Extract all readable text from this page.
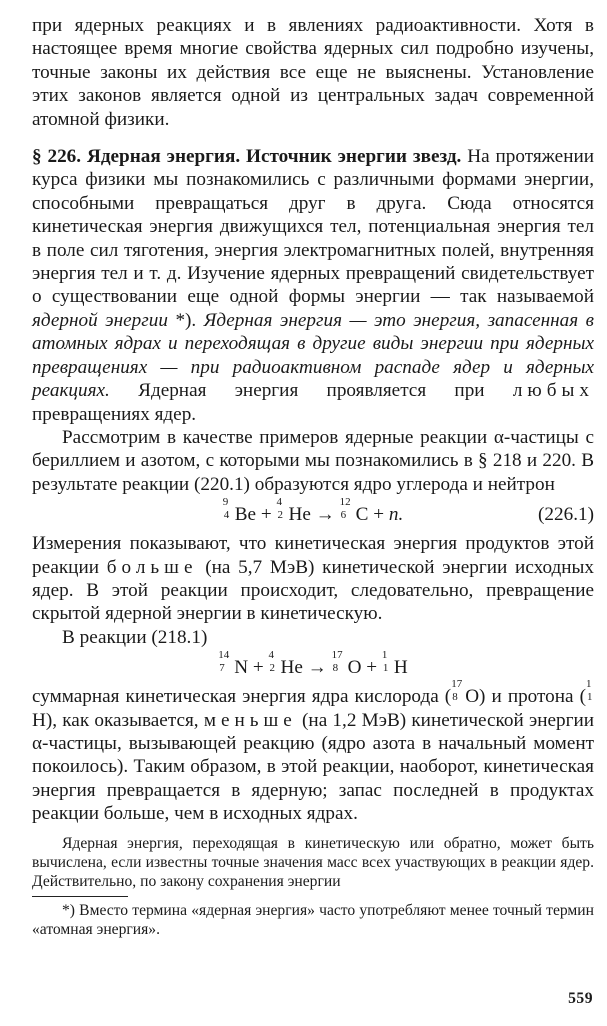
при ядерных реакциях и в явлениях радиоактивности. Хотя в настоящее время многие свойства ядерных сил подробно изучены, точные законы их действия все еще не выяснены. Установление этих законов является одной из центральных задач современной атомной физики.

§ 226. Ядерная энергия. Источник энергии звезд. На протяжении курса физики мы познакомились с различными формами энергии, способными превращаться друг в друга. Сюда относятся кинетическая энергия движущихся тел, потенциальная энергия тел в поле сил тяготения, энергия электромагнитных полей, внутренняя энергия тел и т. д. Изучение ядерных превращений свидетельствует о существовании еще одной формы энергии — так называемой ядерной энергии *). Ядерная энергия — это энергия, запасенная в атомных ядрах и переходящая в другие виды энергии при ядерных превращениях — при радиоактивном распаде ядер и ядерных реакциях. Ядерная энергия проявляется при любых превращениях ядер.

Рассмотрим в качестве примеров ядерные реакции α-частицы с бериллием и азотом, с которыми мы познакомились в § 218 и 220. В результате реакции (220.1) образуются ядро углерода и нейтрон

9
4 Be +
4
2 He →
12
6 C + n.	(226.1)

Измерения показывают, что кинетическая энергия продуктов этой реакции больше (на 5,7 МэВ) кинетической энергии исходных ядер. В этой реакции происходит, следовательно, превращение скрытой ядерной энергии в кинетическую.

В реакции (218.1)

14
7 N +
4
2 He →
17
8 O +
1
1 H

суммарная кинетическая энергия ядра кислорода (
17
8 O) и протона (
1
1
H), как оказывается, меньше (на 1,2 МэВ) кинетической энергии α-частицы, вызывающей реакцию (ядро азота в начальный момент покоилось). Таким образом, в этой реакции, наоборот, кинетическая энергия превращается в ядерную; запас последней в продуктах реакции больше, чем в исходных ядрах.

Ядерная энергия, переходящая в кинетическую или обратно, может быть вычислена, если известны точные значения масс всех участвующих в реакции ядер. Действительно, по закону сохранения энергии

*) Вместо термина «ядерная энергия» часто употребляют менее точный термин «атомная энергия».

559
